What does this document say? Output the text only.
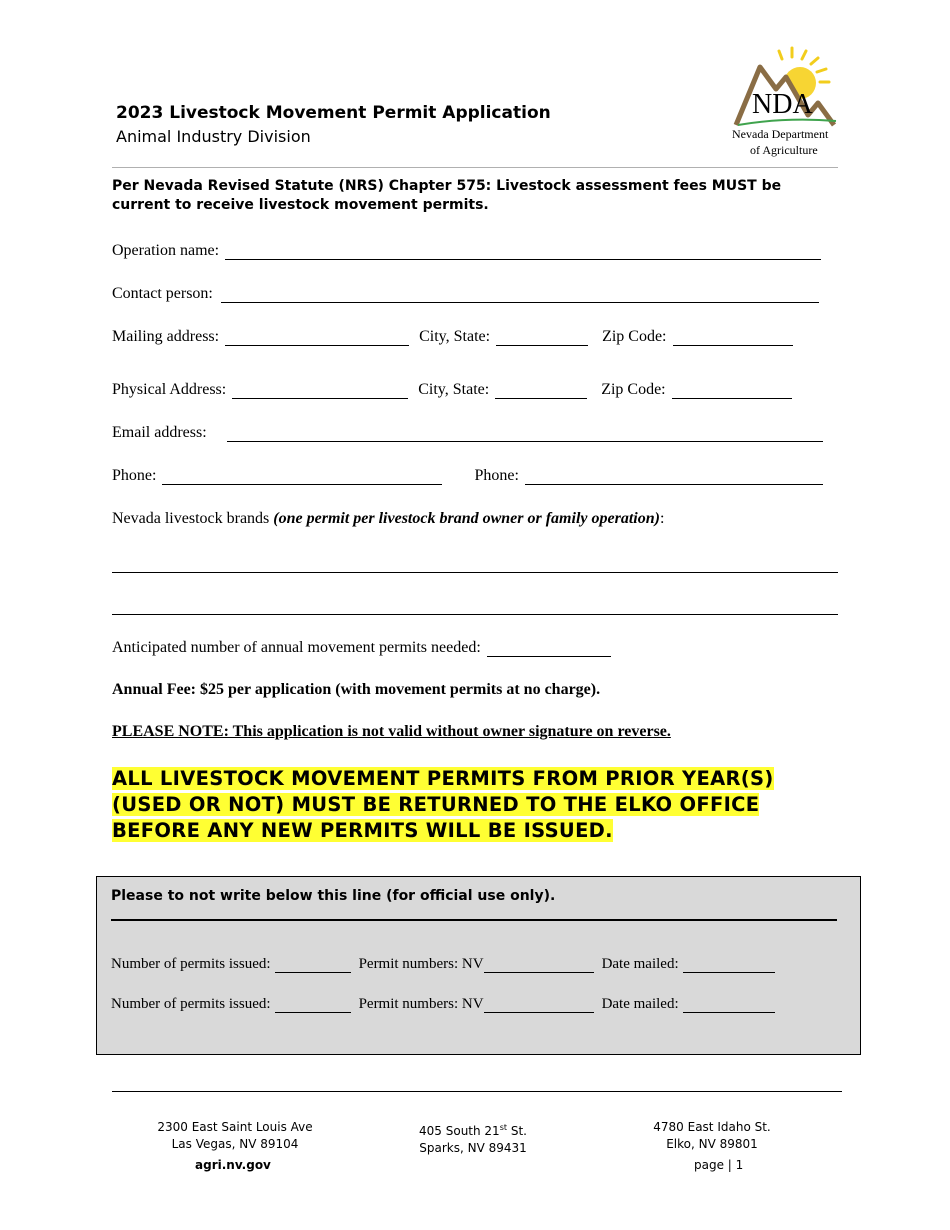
2023 Livestock Movement Permit Application
Animal Industry Division
NDA
Nevada Department
of Agriculture
Per Nevada Revised Statute (NRS) Chapter 575: Livestock assessment fees MUST be current to receive livestock movement permits.
Operation name:
Contact person:
Mailing address:	City, State:	Zip Code:
Physical Address:	City, State:	Zip Code:
Email address:
Phone:	Phone:
Nevada livestock brands (one permit per livestock brand owner or family operation):
Anticipated number of annual movement permits needed:
Annual Fee: $25 per application (with movement permits at no charge).
PLEASE NOTE: This application is not valid without owner signature on reverse.
ALL LIVESTOCK MOVEMENT PERMITS FROM PRIOR YEAR(S)
(USED OR NOT) MUST BE RETURNED TO THE ELKO OFFICE
BEFORE ANY NEW PERMITS WILL BE ISSUED.
Please to not write below this line (for official use only).
Number of permits issued:	Permit numbers: NV	Date mailed:
Number of permits issued:	Permit numbers: NV	Date mailed:
2300 East Saint Louis Ave
Las Vegas, NV 89104
405 South 21st St.
Sparks, NV 89431
4780 East Idaho St.
Elko, NV 89801
agri.nv.gov	page | 1
